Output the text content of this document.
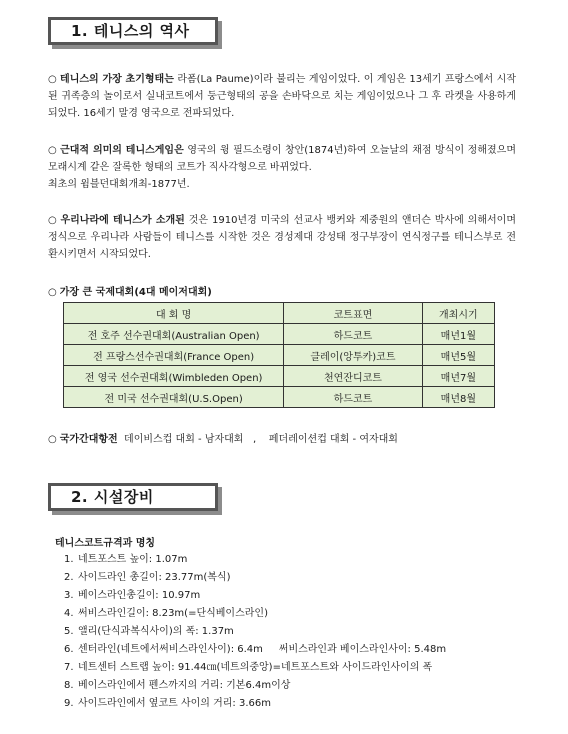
1. 테니스의 역사

○ 테니스의 가장 초기형태는 라폼(La Paume)이라 불리는 게임이었다. 이 게임은 13세기 프랑스에서 시작된 귀족층의 놀이로서 실내코트에서 둥근형태의 공을 손바닥으로 치는 게임이었으나 그 후 라켓을 사용하게 되었다. 16세기 말경 영국으로 전파되었다.

○ 근대적 의미의 테니스게임은 영국의 윙 필드소령이 창안(1874년)하여 오늘날의 채점 방식이 정해졌으며 모래시계 같은 잘록한 형태의 코트가 직사각형으로 바뀌었다.
최초의 윔블던대회개최-1877년.

○ 우리나라에 테니스가 소개된 것은 1910년경 미국의 선교사 뱅커와 제중원의 앤더슨 박사에 의해서이며 정식으로 우리나라 사람들이 테니스를 시작한 것은 경성제대 강성태 정구부장이 연식정구를 테니스부로 전환시키면서 시작되었다.

○ 가장 큰 국제대회(4대 메이저대회)
대 회 명	코트표면	개최시기
전 호주 선수권대회(Australian Open)	하드코트	매년1월
전 프랑스선수권대회(France Open)	클레이(앙투카)코트	매년5월
전 영국 선수권대회(Wimbleden Open)	천연잔디코트	매년7월
전 미국 선수권대회(U.S.Open)	하드코트	매년8월
○ 국가간대항전  데이비스컵 대회 - 남자대회   ,    페더레이션컵 대회 - 여자대회
2. 시설장비
테니스코트규격과 명칭
1. 네트포스트 높이: 1.07m
2. 사이드라인 총길이: 23.77m(복식)
3. 베이스라인총길이: 10.97m
4. 써비스라인길이: 8.23m(=단식베이스라인)
5. 앨리(단식과복식사이)의 폭: 1.37m
6. 센터라인(네트에서써비스라인사이): 6.4m     써비스라인과 베이스라인사이: 5.48m
7. 네트센터 스트랩 높이: 91.44㎝(네트의중앙)=네트포스트와 사이드라인사이의 폭
8. 베이스라인에서 펜스까지의 거리: 기본6.4m이상
9. 사이드라인에서 옆코트 사이의 거리: 3.66m
